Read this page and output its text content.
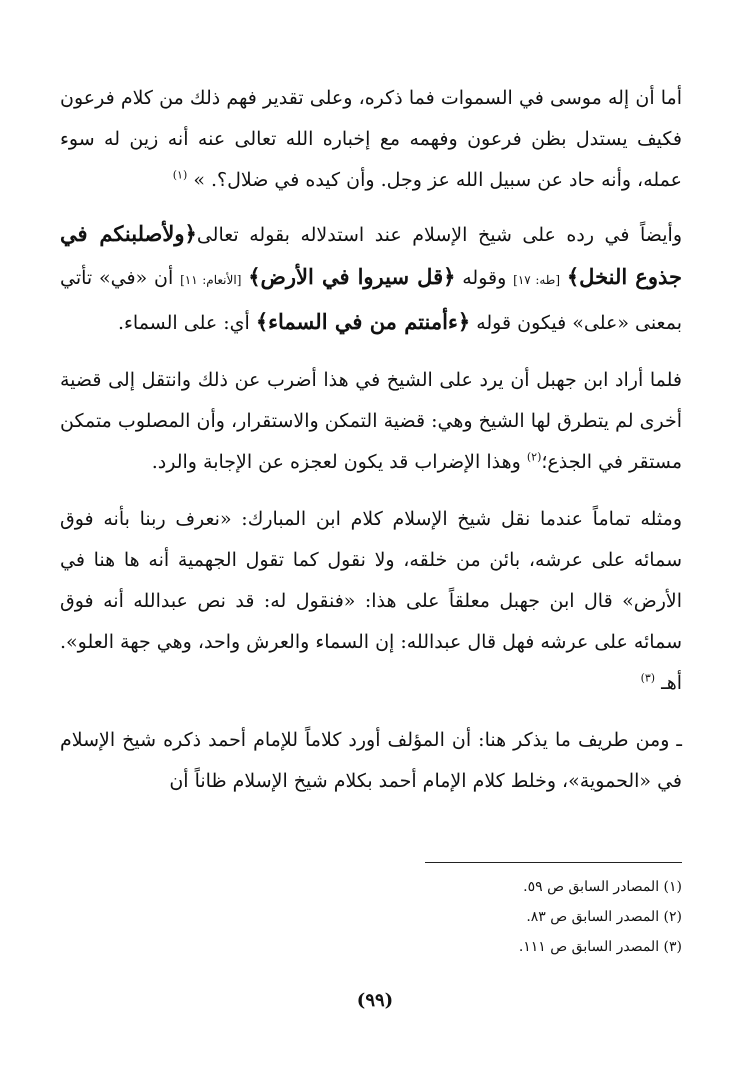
أما أن إله موسى في السموات فما ذكره، وعلى تقدير فهم ذلك من كلام فرعون فكيف يستدل بظن فرعون وفهمه مع إخباره الله تعالى عنه أنه زين له سوء عمله، وأنه حاد عن سبيل الله عز وجل. وأن كيده في ضلال؟. » $^{(١)}$

وأيضاً في رده على شيخ الإسلام عند استدلاله بقوله تعالى﴿ولأصلبنكم في جذوع النخل﴾ [طه: ١٧] وقوله ﴿قل سيروا في الأرض﴾ [الأنعام: ١١] أن «في» تأتي بمعنى «على» فيكون قوله ﴿ءأمنتم من في السماء﴾ أي: على السماء.

فلما أراد ابن جهبل أن يرد على الشيخ في هذا أضرب عن ذلك وانتقل إلى قضية أخرى لم يتطرق لها الشيخ وهي: قضية التمكن والاستقرار، وأن المصلوب متمكن مستقر في الجذع؛$^{(٢)}$ وهذا الإضراب قد يكون لعجزه عن الإجابة والرد.

ومثله تماماً عندما نقل شيخ الإسلام كلام ابن المبارك: «نعرف ربنا بأنه فوق سمائه على عرشه، بائن من خلقه، ولا نقول كما تقول الجهمية أنه ها هنا في الأرض» قال ابن جهبل معلقاً على هذا: «فنقول له: قد نص عبدالله أنه فوق سمائه على عرشه فهل قال عبدالله: إن السماء والعرش واحد، وهي جهة العلو». أهـ $^{(٣)}$

ـ ومن طريف ما يذكر هنا: أن المؤلف أورد كلاماً للإمام أحمد ذكره شيخ الإسلام في «الحموية»، وخلط كلام الإمام أحمد بكلام شيخ الإسلام ظاناً أن

(١) المصادر السابق ص ٥٩.
(٢) المصدر السابق ص ٨٣.
(٣) المصدر السابق ص ١١١.
(٩٩)
